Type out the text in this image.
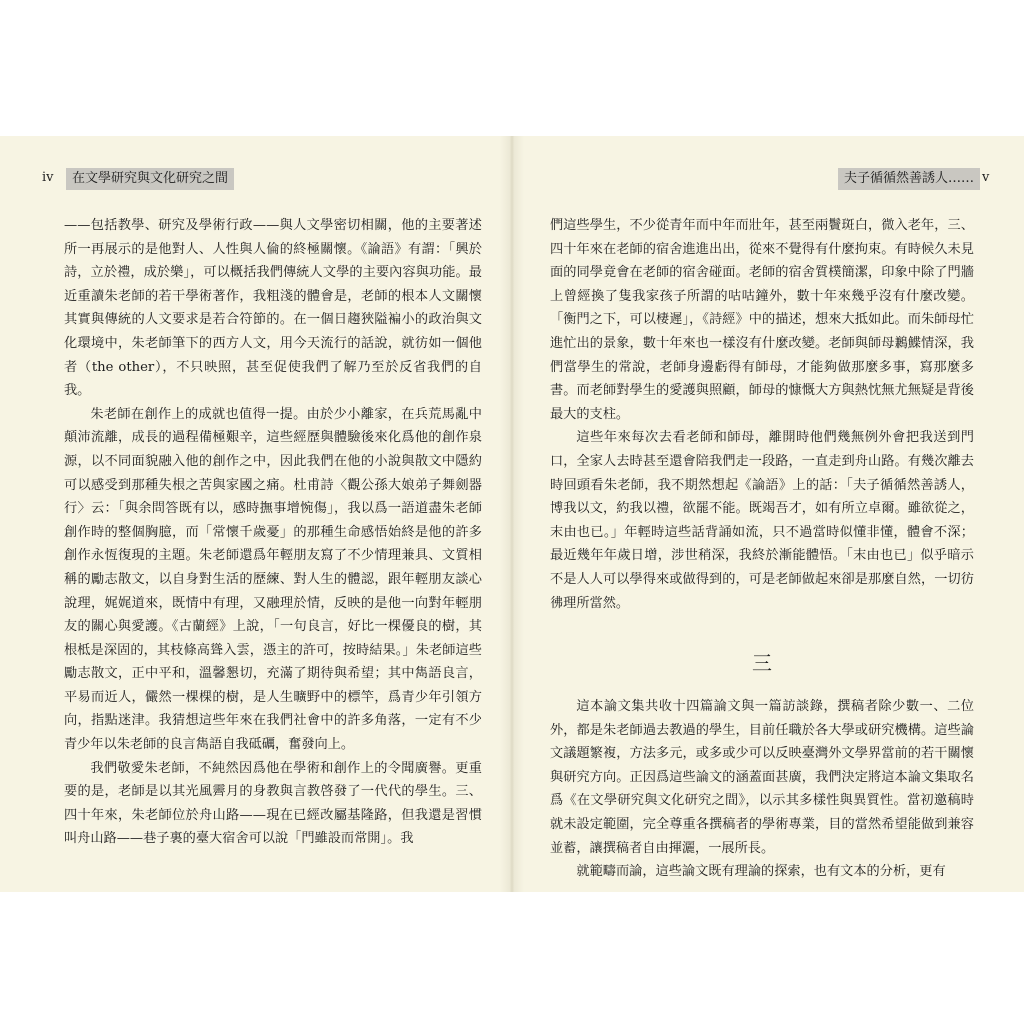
iv	在文學研究與文化研究之間

——包括教學、研究及學術行政——與人文學密切相關，他的主要著述所一再展示的是他對人、人性與人倫的終極關懷。《論語》有謂：「興於詩，立於禮，成於樂」，可以概括我們傳統人文學的主要內容與功能。最近重讀朱老師的若干學術著作，我粗淺的體會是，老師的根本人文關懷其實與傳統的人文要求是若合符節的。在一個日趨狹隘褊小的政治與文化環境中，朱老師筆下的西方人文，用今天流行的話說，就彷如一個他者（the other），不只映照，甚至促使我們了解乃至於反省我們的自我。

朱老師在創作上的成就也值得一提。由於少小離家，在兵荒馬亂中顛沛流離，成長的過程備極艱辛，這些經歷與體驗後來化爲他的創作泉源，以不同面貌融入他的創作之中，因此我們在他的小說與散文中隱約可以感受到那種失根之苦與家國之痛。杜甫詩〈觀公孫大娘弟子舞劍器行〉云：「與余問答既有以，感時撫事增惋傷」，我以爲一語道盡朱老師創作時的整個胸臆，而「常懷千歲憂」的那種生命感悟始終是他的許多創作永恆復現的主題。朱老師還爲年輕朋友寫了不少情理兼具、文質相稱的勵志散文，以自身對生活的歷練、對人生的體認，跟年輕朋友談心說理，娓娓道來，既情中有理，又融理於情，反映的是他一向對年輕朋友的關心與愛護。《古蘭經》上說，「一句良言，好比一棵優良的樹，其根柢是深固的，其枝條高聳入雲，憑主的許可，按時結果。」朱老師這些勵志散文，正中平和，溫馨懇切，充滿了期待與希望；其中雋語良言，平易而近人，儼然一棵棵的樹，是人生曠野中的標竿，爲青少年引領方向，指點迷津。我猜想這些年來在我們社會中的許多角落，一定有不少青少年以朱老師的良言雋語自我砥礪，奮發向上。

我們敬愛朱老師，不純然因爲他在學術和創作上的令聞廣譽。更重要的是，老師是以其光風霽月的身教與言教啓發了一代代的學生。三、四十年來，朱老師位於舟山路——現在已經改屬基隆路，但我還是習慣叫舟山路——巷子裏的臺大宿舍可以說「門雖設而常開」。我

夫子循循然善誘人…… v

們這些學生，不少從青年而中年而壯年，甚至兩鬢斑白，微入老年，三、四十年來在老師的宿舍進進出出，從來不覺得有什麼拘束。有時候久未見面的同學竟會在老師的宿舍碰面。老師的宿舍質樸簡潔，印象中除了門牆上曾經換了隻我家孩子所謂的咕咕鐘外，數十年來幾乎沒有什麼改變。「衡門之下，可以棲遲」，《詩經》中的描述，想來大抵如此。而朱師母忙進忙出的景象，數十年來也一樣沒有什麼改變。老師與師母鶼鰈情深，我們當學生的常說，老師身邊虧得有師母，才能夠做那麼多事，寫那麼多書。而老師對學生的愛護與照顧，師母的慷慨大方與熱忱無尤無疑是背後最大的支柱。

這些年來每次去看老師和師母，離開時他們幾無例外會把我送到門口，全家人去時甚至還會陪我們走一段路，一直走到舟山路。有幾次離去時回頭看朱老師，我不期然想起《論語》上的話：「夫子循循然善誘人，博我以文，約我以禮，欲罷不能。既竭吾才，如有所立卓爾。雖欲從之，末由也已。」年輕時這些話背誦如流，只不過當時似懂非懂，體會不深；最近幾年年歲日增，涉世稍深，我終於漸能體悟。「末由也已」似乎暗示不是人人可以學得來或做得到的，可是老師做起來卻是那麼自然，一切彷彿理所當然。

三

這本論文集共收十四篇論文與一篇訪談錄，撰稿者除少數一、二位外，都是朱老師過去教過的學生，目前任職於各大學或研究機構。這些論文議題繁複，方法多元，或多或少可以反映臺灣外文學界當前的若干關懷與研究方向。正因爲這些論文的涵蓋面甚廣，我們決定將這本論文集取名爲《在文學研究與文化研究之間》，以示其多樣性與異質性。當初邀稿時就未設定範圍，完全尊重各撰稿者的學術專業，目的當然希望能做到兼容並蓄，讓撰稿者自由揮灑，一展所長。

就範疇而論，這些論文既有理論的探索，也有文本的分析，更有
